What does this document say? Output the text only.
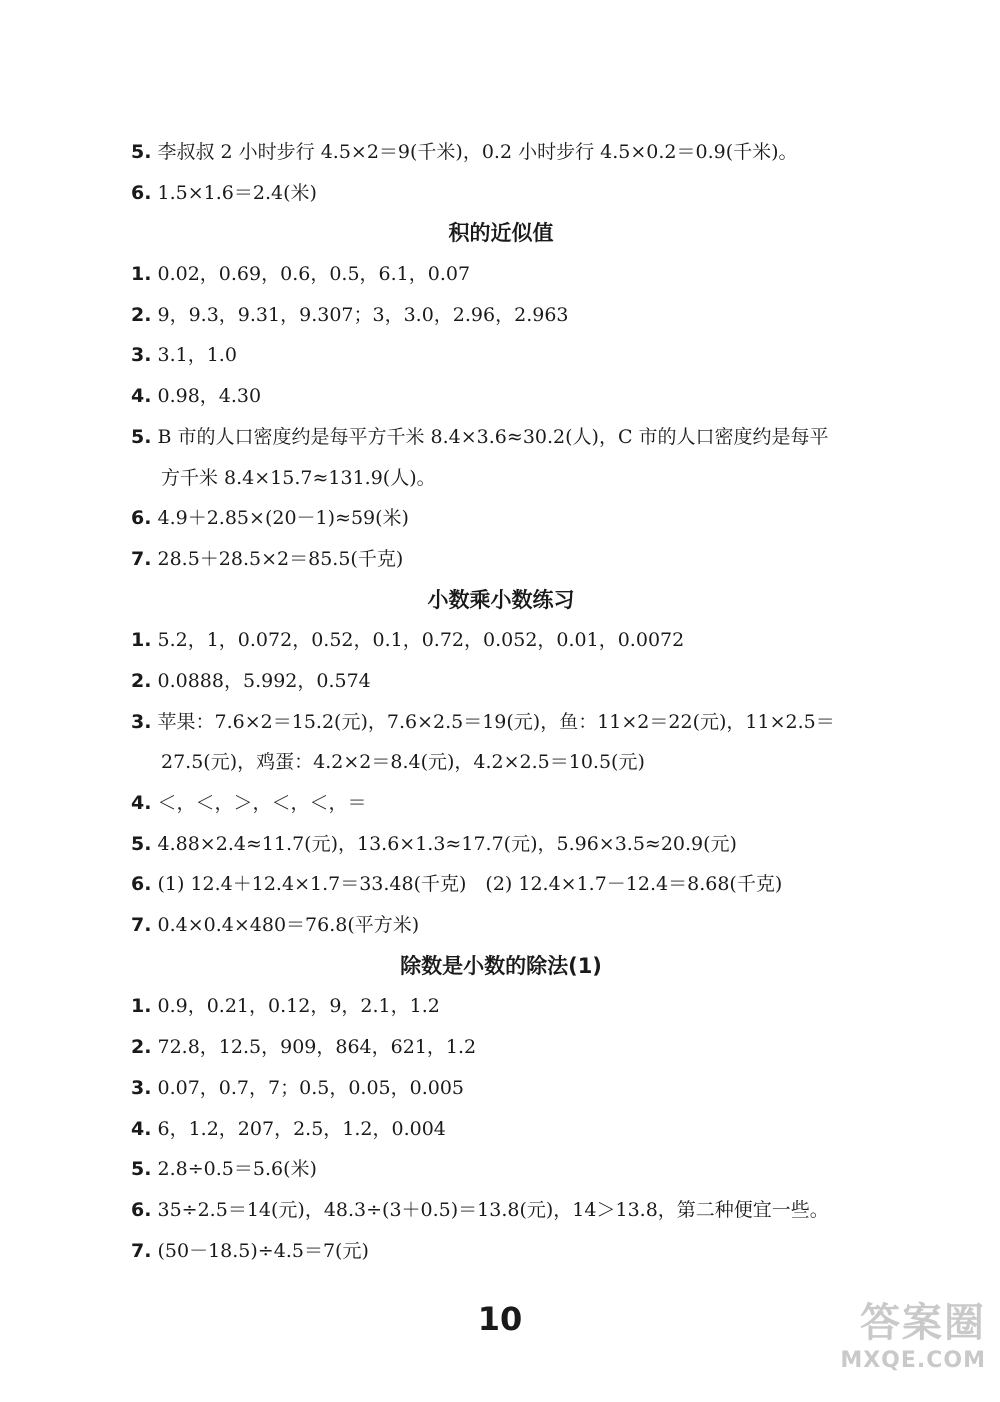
5. 李叔叔 2 小时步行 4.5×2＝9(千米)，0.2 小时步行 4.5×0.2＝0.9(千米)。
6. 1.5×1.6＝2.4(米)
积的近似值
1. 0.02，0.69，0.6，0.5，6.1，0.07
2. 9，9.3，9.31，9.307；3，3.0，2.96，2.963
3. 3.1，1.0
4. 0.98，4.30
5. B 市的人口密度约是每平方千米 8.4×3.6≈30.2(人)，C 市的人口密度约是每平
方千米 8.4×15.7≈131.9(人)。
6. 4.9＋2.85×(20－1)≈59(米)
7. 28.5＋28.5×2＝85.5(千克)
小数乘小数练习
1. 5.2，1，0.072，0.52，0.1，0.72，0.052，0.01，0.0072
2. 0.0888，5.992，0.574
3. 苹果：7.6×2＝15.2(元)，7.6×2.5＝19(元)，鱼：11×2＝22(元)，11×2.5＝
27.5(元)，鸡蛋：4.2×2＝8.4(元)，4.2×2.5＝10.5(元)
4. ＜，＜，＞，＜，＜，＝
5. 4.88×2.4≈11.7(元)，13.6×1.3≈17.7(元)，5.96×3.5≈20.9(元)
6. (1) 12.4＋12.4×1.7＝33.48(千克)　(2) 12.4×1.7－12.4＝8.68(千克)
7. 0.4×0.4×480＝76.8(平方米)
除数是小数的除法(1)
1. 0.9，0.21，0.12，9，2.1，1.2
2. 72.8，12.5，909，864，621，1.2
3. 0.07，0.7，7；0.5，0.05，0.005
4. 6，1.2，207，2.5，1.2，0.004
5. 2.8÷0.5＝5.6(米)
6. 35÷2.5＝14(元)，48.3÷(3＋0.5)＝13.8(元)，14＞13.8，第二种便宜一些。
7. (50－18.5)÷4.5＝7(元)
10	答案圈
MXQE.COM
